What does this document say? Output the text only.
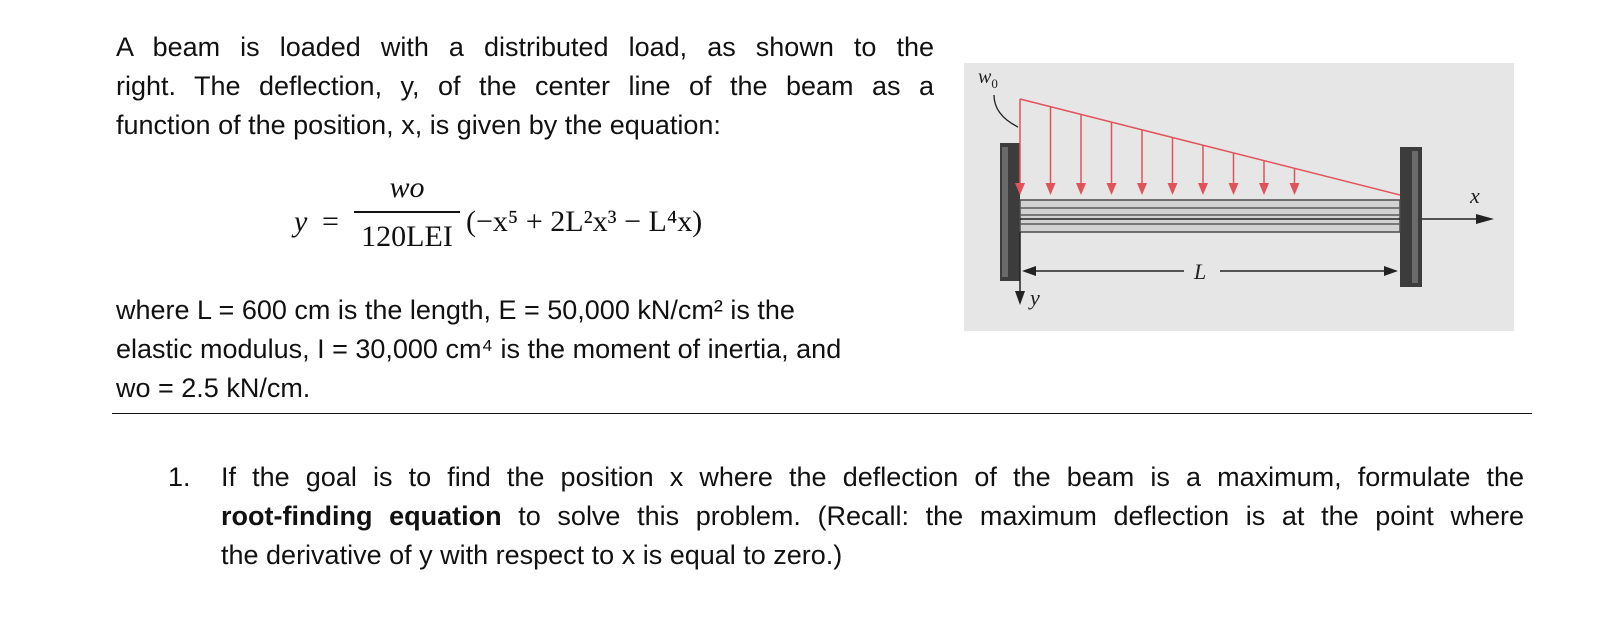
A beam is loaded with a distributed load, as shown to the

right. The deflection, y, of the center line of the beam as a

function of the position, x, is given by the equation:

y =
wo
120LEI (−x⁵ + 2L²x³ − L⁴x)

where L = 600 cm is the length, E = 50,000 kN/cm² is the

elastic modulus, I = 30,000 cm⁴ is the moment of inertia, and

wo = 2.5 kN/cm.

1. If the goal is to find the position x where the deflection of the beam is a maximum, formulate the

root-finding equation to solve this problem. (Recall: the maximum deflection is at the point where

the derivative of y with respect to x is equal to zero.)

x
y
L
$w_0$
